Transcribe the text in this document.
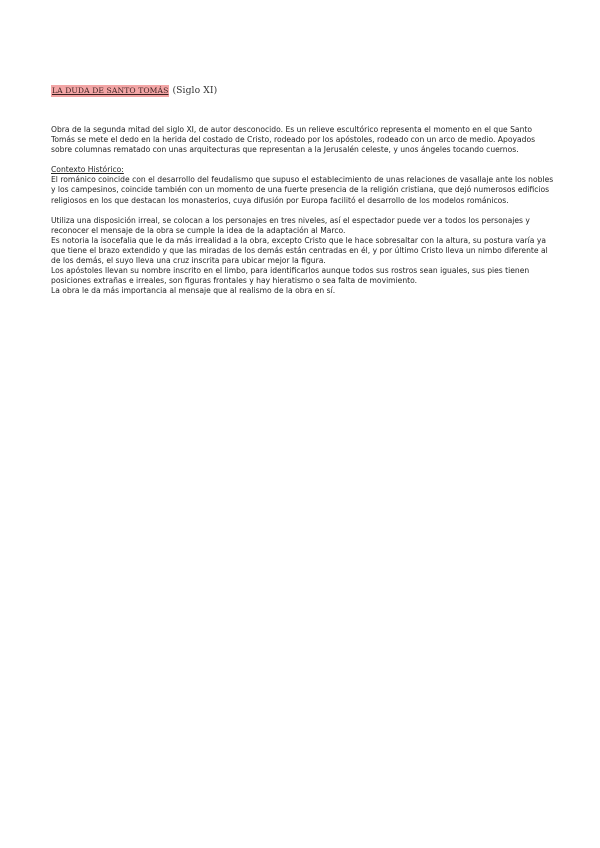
LA DUDA DE SANTO TOMÁS (Siglo XI)

Obra de la segunda mitad del siglo XI, de autor desconocido. Es un relieve escultórico representa el momento en el que Santo Tomás se mete el dedo en la herida del costado de Cristo, rodeado por los apóstoles, rodeado con un arco de medio. Apoyados sobre columnas rematado con unas arquitecturas que representan a la Jerusalén celeste, y unos ángeles tocando cuernos.

Contexto Histórico:

El románico coincide con el desarrollo del feudalismo que supuso el establecimiento de unas relaciones de vasallaje ante los nobles y los campesinos, coincide también con un momento de una fuerte presencia de la religión cristiana, que dejó numerosos edificios religiosos en los que destacan los monasterios, cuya difusión por Europa facilitó el desarrollo de los modelos románicos.

Utiliza una disposición irreal, se colocan a los personajes en tres niveles, así el espectador puede ver a todos los personajes y reconocer el mensaje de la obra se cumple la idea de la adaptación al Marco.

Es notoria la isocefalia que le da más irrealidad a la obra, excepto Cristo que le hace sobresaltar con la altura, su postura varía ya que tiene el brazo extendido y que las miradas de los demás están centradas en él, y por último Cristo lleva un nimbo diferente al de los demás, el suyo lleva una cruz inscrita para ubicar mejor la figura.

Los apóstoles llevan su nombre inscrito en el limbo, para identificarlos aunque todos sus rostros sean iguales, sus pies tienen posiciones extrañas e irreales, son figuras frontales y hay hieratismo o sea falta de movimiento.

La obra le da más importancia al mensaje que al realismo de la obra en sí.
